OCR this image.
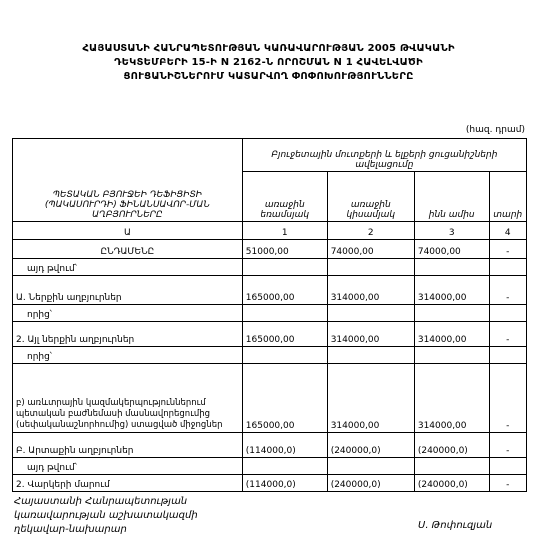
ՀԱՅԱՍՏԱՆԻ ՀԱՆՐԱՊԵՏՈՒԹՅԱՆ ԿԱՌԱՎԱՐՈՒԹՅԱՆ 2005 ԹՎԱԿԱՆԻ
ԴԵԿՏԵՄԲԵՐԻ 15-Ի N 2162-Ն ՈՐՈՇՄԱՆ N 1 ՀԱՎԵԼՎԱԾԻ
ՑՈՒՑԱՆԻՇՆԵՐՈՒՄ ԿԱՏԱՐՎՈՂ ՓՈՓՈԽՈՒԹՅՈՒՆՆԵՐԸ
(հազ. դրամ)
ՊԵՏԱԿԱՆ ԲՅՈՒՋԵԻ ԴԵՖԻՑԻՏԻ (ՊԱԿԱՍՈՒՐԴԻ) ՖԻՆԱՆՍԱՎՈՐ-ՄԱՆ ԱՂԲՅՈՒՐՆԵՐԸ	Բյուջետային մուտքերի և ելքերի ցուցանիշների ավելացումը			
	առաջին եռամսյակ	առաջին կիսամյակ	ինն ամիս	տարի
Ա	1	2	3	4
ԸՆԴԱՄԵՆԸ	51000,00	74000,00	74000,00	-
այդ թվում՝				
Ա. Ներքին աղբյուրներ	165000,00	314000,00	314000,00	-
որից՝				
2. Այլ ներքին աղբյուրներ	165000,00	314000,00	314000,00	-
որից՝				
բ) առևտրային կազմակերպություններում պետական բաժնեմասի մասնավորեցումից (սեփականաշնորհումից) ստացված միջոցներ	165000,00	314000,00	314000,00	-
Բ. Արտաքին աղբյուրներ	(114000,0)	(240000,0)	(240000,0)	-
այդ թվում՝				
2. Վարկերի մարում	(114000,0)	(240000,0)	(240000,0)	-
Հայաստանի Հանրապետության
կառավարության աշխատակազմի
ղեկավար-նախարար	Ս. Թոփուզյան
